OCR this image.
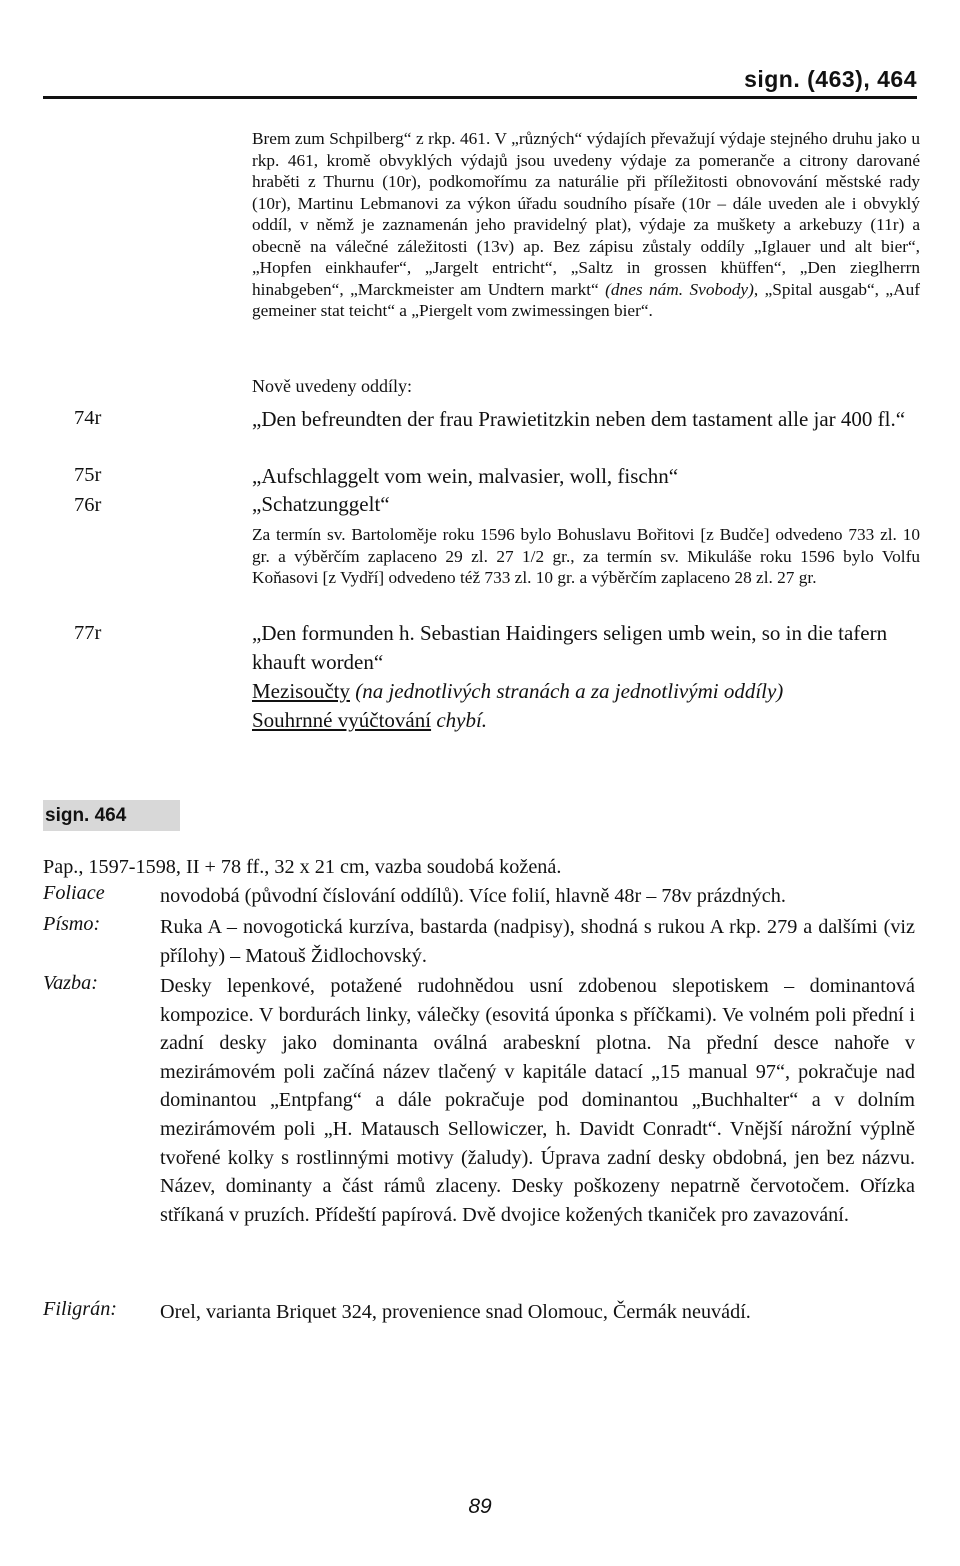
sign. (463), 464
Brem zum Schpilberg“ z rkp. 461. V „různých“ výdajích převažují výdaje stejného druhu jako u rkp. 461, kromě obvyklých výdajů jsou uvedeny výdaje za pomeranče a citrony darované hraběti z Thurnu (10r), podkomořímu za naturálie při příležitosti obnovování městské rady (10r), Martinu Lebmanovi za výkon úřadu soudního písaře (10r – dále uveden ale i obvyklý oddíl, v němž je zaznamenán jeho pravidelný plat), výdaje za muškety a arkebuzy (11r) a obecně na válečné záležitosti (13v) ap. Bez zápisu zůstaly oddíly „Iglauer und alt bier“, „Hopfen einkhaufer“, „Jargelt entricht“, „Saltz in grossen khüffen“, „Den zieglherrn hinabgeben“, „Marckmeister am Undtern markt“ (dnes nám. Svobody), „Spital ausgab“, „Auf gemeiner stat teicht“ a „Piergelt vom zwimessingen bier“.
Nově uvedeny oddíly:
74r	„Den befreundten der frau Prawietitzkin neben dem tastament alle jar 400 fl.“
75r	„Aufschlaggelt vom wein, malvasier, woll, fischn“
76r	„Schatzunggelt“
Za termín sv. Bartoloměje roku 1596 bylo Bohuslavu Bořitovi [z Budče] odvedeno 733 zl. 10 gr. a výběrčím zaplaceno 29 zl. 27 1/2 gr., za termín sv. Mikuláše roku 1596 bylo Volfu Koňasovi [z Vydří] odvedeno též 733 zl. 10 gr. a výběrčím zaplaceno 28 zl. 27 gr.
77r	„Den formunden h. Sebastian Haidingers seligen umb wein, so in die tafern khauft worden“
Mezisoučty (na jednotlivých stranách a za jednotlivými oddíly)
Souhrnné vyúčtování chybí.
sign. 464
Pap., 1597-1598, II + 78 ff., 32 x 21 cm, vazba soudobá kožená.
Foliace	novodobá (původní číslování oddílů). Více folií, hlavně 48r – 78v prázdných.
Písmo:	Ruka A – novogotická kurzíva, bastarda (nadpisy), shodná s rukou A rkp. 279 a dalšími (viz přílohy) – Matouš Židlochovský.
Vazba:	Desky lepenkové, potažené rudohnědou usní zdobenou slepotiskem – dominantová kompozice. V bordurách linky, válečky (esovitá úponka s příčkami). Ve volném poli přední i zadní desky jako dominanta oválná arabeskní plotna. Na přední desce nahoře v mezirámovém poli začíná název tlačený v kapitále datací „15 manual 97“, pokračuje nad dominantou „Entpfang“ a dále pokračuje pod dominantou „Buchhalter“ a v dolním mezirámovém poli „H. Matausch Sellowiczer, h. Davidt Conradt“. Vnější nárožní výplně tvořené kolky s rostlinnými motivy (žaludy). Úprava zadní desky obdobná, jen bez názvu. Název, dominanty a část rámů zlaceny. Desky poškozeny nepatrně červotočem. Ořízka stříkaná v pruzích. Přídeští papírová. Dvě dvojice kožených tkaniček pro zavazování.
Filigrán: Orel, varianta Briquet 324, provenience snad Olomouc, Čermák neuvádí.
89
